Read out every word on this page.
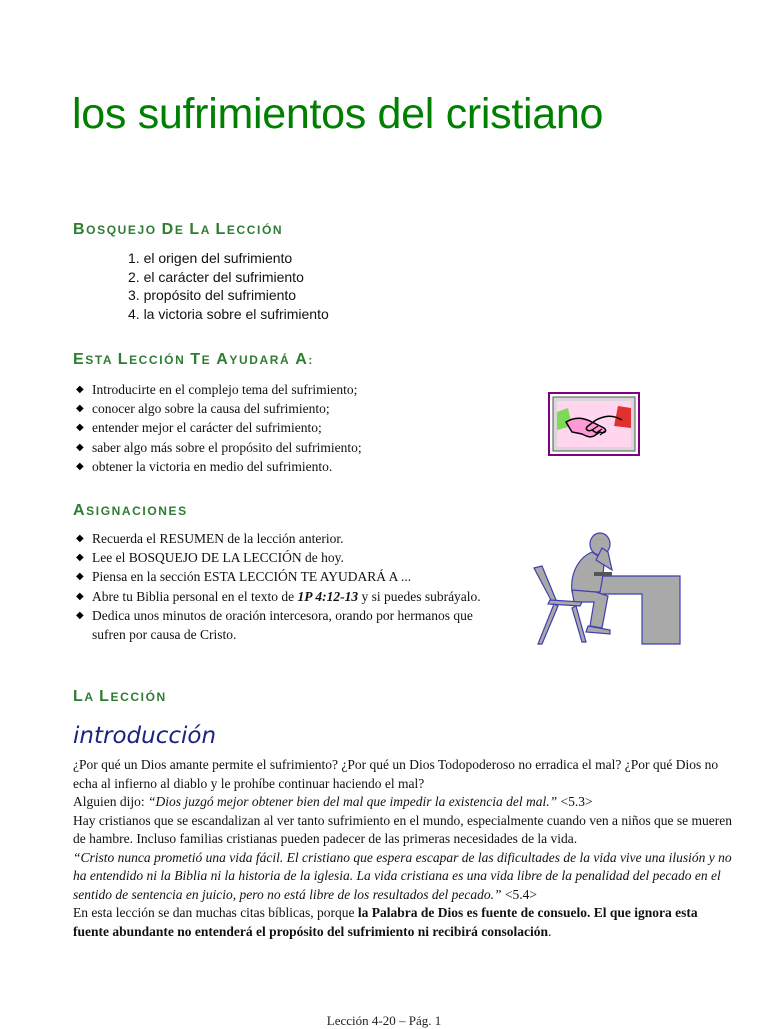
los sufrimientos del cristiano
BOSQUEJO DE LA LECCIÓN
1. el origen del sufrimiento
2. el carácter del sufrimiento
3. propósito del sufrimiento
4. la victoria sobre el sufrimiento
ESTA LECCIÓN TE AYUDARÁ A:
◆ Introducirte en el complejo tema del sufrimiento;
◆ conocer algo sobre la causa del sufrimiento;
◆ entender mejor el carácter del sufrimiento;
◆ saber algo más sobre el propósito del sufrimiento;
◆ obtener la victoria en medio del sufrimiento.
ASIGNACIONES
◆ Recuerda el RESUMEN de la lección anterior.
◆ Lee el BOSQUEJO DE LA LECCIÓN de hoy.
◆ Piensa en la sección ESTA LECCIÓN TE AYUDARÁ A ...
◆ Abre tu Biblia personal en el texto de 1P 4:12-13 y si puedes subráyalo.
◆ Dedica unos minutos de oración intercesora, orando por hermanos que sufren por causa de Cristo.
LA LECCIÓN
introducción

¿Por qué un Dios amante permite el sufrimiento? ¿Por qué un Dios Todopoderoso no erradica el mal? ¿Por qué Dios no echa al infierno al diablo y le prohíbe continuar haciendo el mal?

Alguien dijo: “Dios juzgó mejor obtener bien del mal que impedir la existencia del mal.” <5.3>

Hay cristianos que se escandalizan al ver tanto sufrimiento en el mundo, especialmente cuando ven a niños que se mueren de hambre. Incluso familias cristianas pueden padecer de las primeras necesidades de la vida.

“Cristo nunca prometió una vida fácil. El cristiano que espera escapar de las dificultades de la vida vive una ilusión y no ha entendido ni la Biblia ni la historia de la iglesia. La vida cristiana es una vida libre de la penalidad del pecado en el sentido de sentencia en juicio, pero no está libre de los resultados del pecado.” <5.4>

En esta lección se dan muchas citas bíblicas, porque la Palabra de Dios es fuente de consuelo. El que ignora esta fuente abundante no entenderá el propósito del sufrimiento ni recibirá consolación.

Lección 4-20 – Pág. 1
